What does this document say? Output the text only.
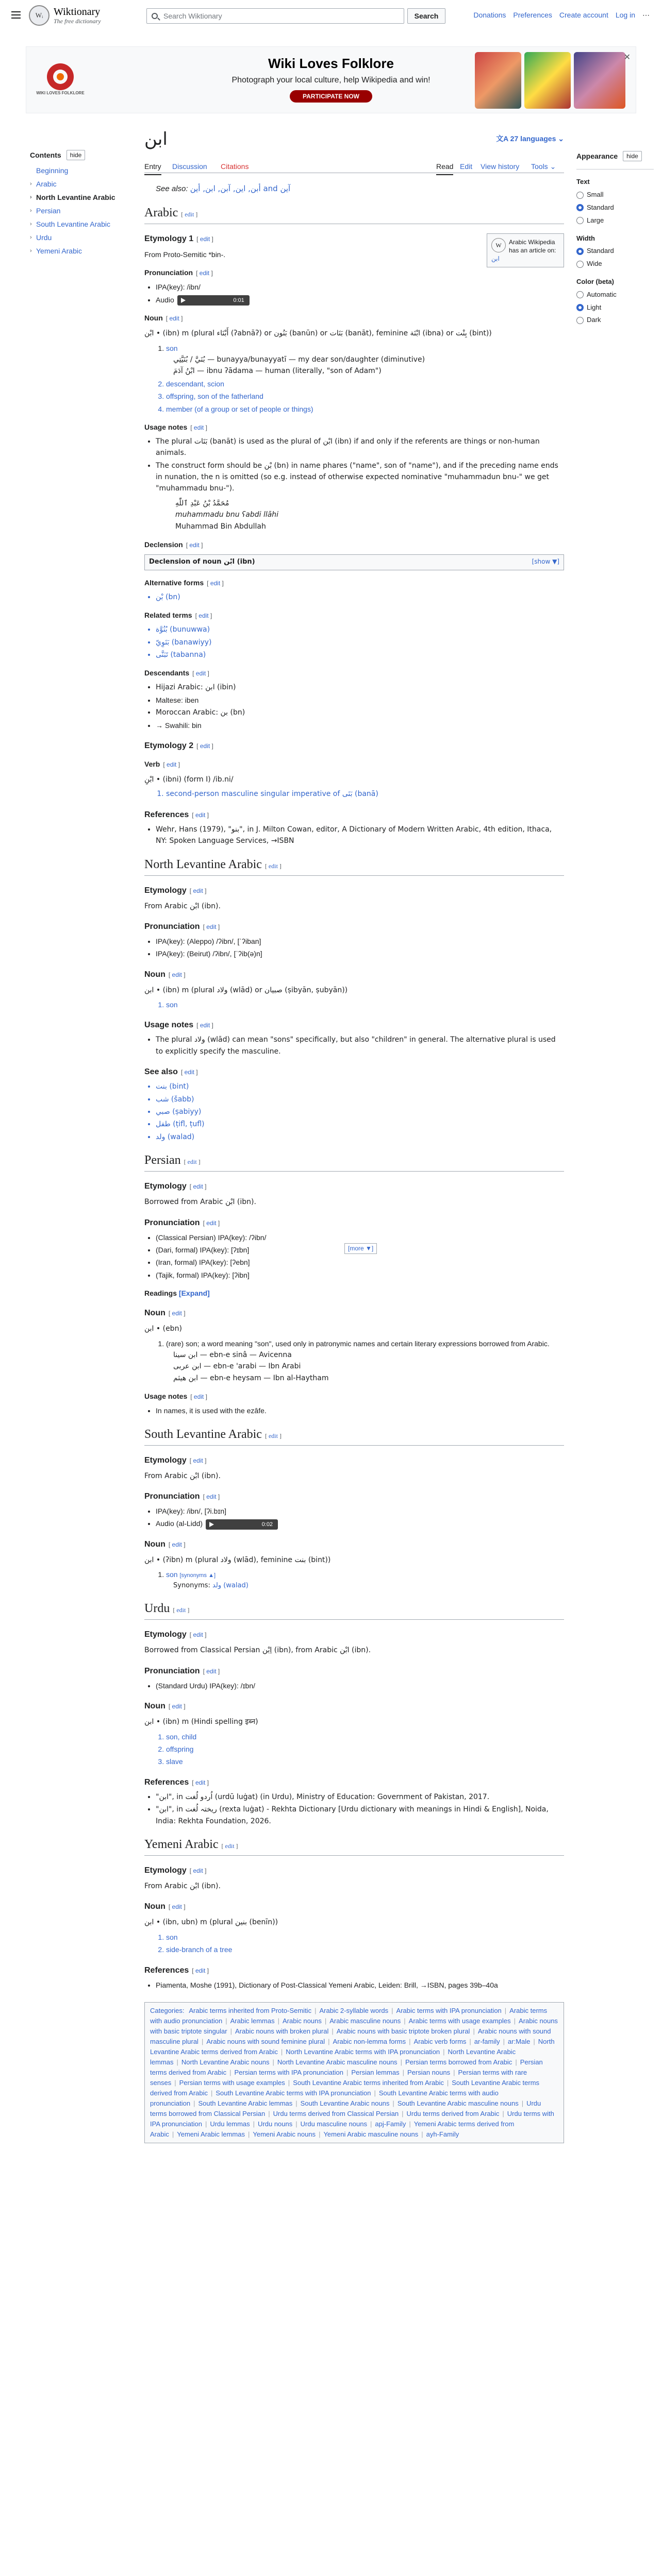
Wᵢ	Wiktionary
The free dictionary
Search Wiktionary	Search	Donations Preferences Create account Log in ⋯
WIKI LOVES FOLKLORE
Wiki Loves Folklore
Photograph your local culture, help Wikipedia and win!
PARTICIPATE NOW
✕
Contents	hide
Beginning
› Arabic
› North Levantine Arabic
› Persian
› South Levantine Arabic
› Urdu
› Yemeni Arabic
Appearance	hide
Text
Small
Standard
Large
Width
Standard
Wide
Color (beta)
Automatic
Light
Dark
ابن	文A 27 languages ⌄
Entry Discussion Citations	Read Edit View history Tools ⌄
See also: أبن, اين, آبن, ابن, أين and آين
Arabic [ edit ]
W	Arabic Wikipedia has an article on:
ابن
Etymology 1 [ edit ]

From Proto-Semitic *bin-.

Pronunciation [ edit ]
• IPA(key): /ibn/
• Audio	0:01
Noun [ edit ]

ابْن • (ibn) m (plural أَبْنَاء (ʔabnāʔ) or بَنُون (banūn) or بَنَات (banāt), feminine ابْنَة (ibna) or بِنْت (bint))

1. son
بُنَيَّ / بُنَيَّتِي — bunayya/bunayyatī — my dear son/daughter (diminutive)
ابْنُ آدَمَ — ibnu ʔādama — human (literally, "son of Adam")
2. descendant, scion
3. offspring, son of the fatherland
4. member (of a group or set of people or things)
Usage notes [ edit ]
• The plural بَنَات (banāt) is used as the plural of ابْن (ibn) if and only if the referents are things or non-human animals.
• The construct form should be بْن (bn) in name phares ("name", son of "name"), and if the preceding name ends in nunation, the n is omitted (so e.g. instead of otherwise expected nominative "muhammadun bnu-" we get "muhammadu bnu-").
مُحَمَّدُ بْنُ عَبْدِ ٱللّٰهِ
muhammadu bnu ʕabdi llāhi
Muhammad Bin Abdullah
Declension [ edit ]
Declension of noun ابْن (ibn)	[show ▼]
Alternative forms [ edit ]
• بْن (bn)
Related terms [ edit ]
• بُنُوَّة (bunuwwa)
• بَنَوِيّ (banawiyy)
• تَبَنَّى (tabanna)
Descendants [ edit ]
• Hijazi Arabic: ابن (ibin)
• Maltese: iben
• Moroccan Arabic: بن (bn)
• → Swahili: bin
Etymology 2 [ edit ]
Verb [ edit ]

ابْنِ • (ibni) (form I) /ib.ni/

1. second-person masculine singular imperative of بَنَى (banā)
References [ edit ]
• Wehr, Hans (1979), "بنو", in J. Milton Cowan, editor, A Dictionary of Modern Written Arabic, 4th edition, Ithaca, NY: Spoken Language Services, →ISBN
North Levantine Arabic [ edit ]
Etymology [ edit ]

From Arabic ابْن (ibn).

Pronunciation [ edit ]
• IPA(key): (Aleppo) /ʔibn/, [ˈʔiban]
• IPA(key): (Beirut) /ʔibn/, [ˈʔib(ə)n]
Noun [ edit ]

ابن • (ibn) m (plural ولاد (wlād) or صبيان (ṣibyān, ṣubyān))

1. son
Usage notes [ edit ]
• The plural ولاد (wlād) can mean "sons" specifically, but also "children" in general. The alternative plural is used to explicitly specify the masculine.
See also [ edit ]
• بنت (bint)
• شب (šabb)
• صبي (ṣabiyy)
• طفل (ṭifl, ṭufl)
• ولد (walad)
Persian [ edit ]
Etymology [ edit ]

Borrowed from Arabic ابْن (ibn).

Pronunciation [ edit ]
[more ▼]
• (Classical Persian) IPA(key): /ʔibn/
• (Dari, formal) IPA(key): [ʔɪbn]
• (Iran, formal) IPA(key): [ʔebn]
• (Tajik, formal) IPA(key): [ʔibn]
Readings [Expand]
Noun [ edit ]

ابن • (ebn)

1. (rare) son; a word meaning "son", used only in patronymic names and certain literary expressions borrowed from Arabic.
ابن سینا — ebn-e sinâ — Avicenna
ابن عربی — ebn-e 'arabi — Ibn Arabi
ابن هیثم — ebn-e heysam — Ibn al-Haytham
Usage notes [ edit ]
• In names, it is used with the ezâfe.
South Levantine Arabic [ edit ]
Etymology [ edit ]

From Arabic ابْن (ibn).

Pronunciation [ edit ]
• IPA(key): /ibn/, [ʔi.bɪn]
• Audio (al-Lidd)	0:02
Noun [ edit ]

ابن • (ʔibn) m (plural ولاد (wlād), feminine بنت (bint))

1. son [synonyms ▲]
Synonyms: ولد (walad)
Urdu [ edit ]
Etymology [ edit ]

Borrowed from Classical Persian اِبْن (ibn), from Arabic ابْن (ibn).

Pronunciation [ edit ]
• (Standard Urdu) IPA(key): /ɪbn/
Noun [ edit ]

ابن • (ibn) m (Hindi spelling इब्न)

1. son, child
2. offspring
3. slave
References [ edit ]
• "ابن", in اُردو لُغت (urdū luġat) (in Urdu), Ministry of Education: Government of Pakistan, 2017.
• "ابن", in ریختہ لُغت (rexta luġat) - Rekhta Dictionary [Urdu dictionary with meanings in Hindi & English], Noida, India: Rekhta Foundation, 2026.
Yemeni Arabic [ edit ]
Etymology [ edit ]

From Arabic ابْن (ibn).

Noun [ edit ]

ابن • (ibn, ubn) m (plural بنين (benīn))

1. son
2. side-branch of a tree
References [ edit ]
• Piamenta, Moshe (1991), Dictionary of Post-Classical Yemeni Arabic, Leiden: Brill, →ISBN, pages 39b–40a
Categories: Arabic terms inherited from Proto-Semitic | Arabic 2-syllable words | Arabic terms with IPA pronunciation | Arabic terms with audio pronunciation | Arabic lemmas | Arabic nouns | Arabic masculine nouns | Arabic terms with usage examples | Arabic nouns with basic triptote singular | Arabic nouns with broken plural | Arabic nouns with basic triptote broken plural | Arabic nouns with sound masculine plural | Arabic nouns with sound feminine plural | Arabic non-lemma forms | Arabic verb forms | ar-family | ar:Male | North Levantine Arabic terms derived from Arabic | North Levantine Arabic terms with IPA pronunciation | North Levantine Arabic lemmas | North Levantine Arabic nouns | North Levantine Arabic masculine nouns | Persian terms borrowed from Arabic | Persian terms derived from Arabic | Persian terms with IPA pronunciation | Persian lemmas | Persian nouns | Persian terms with rare senses | Persian terms with usage examples | South Levantine Arabic terms inherited from Arabic | South Levantine Arabic terms derived from Arabic | South Levantine Arabic terms with IPA pronunciation | South Levantine Arabic terms with audio pronunciation | South Levantine Arabic lemmas | South Levantine Arabic nouns | South Levantine Arabic masculine nouns | Urdu terms borrowed from Classical Persian | Urdu terms derived from Classical Persian | Urdu terms derived from Arabic | Urdu terms with IPA pronunciation | Urdu lemmas | Urdu nouns | Urdu masculine nouns | apj-Family | Yemeni Arabic terms derived from Arabic | Yemeni Arabic lemmas | Yemeni Arabic nouns | Yemeni Arabic masculine nouns | ayh-Family
